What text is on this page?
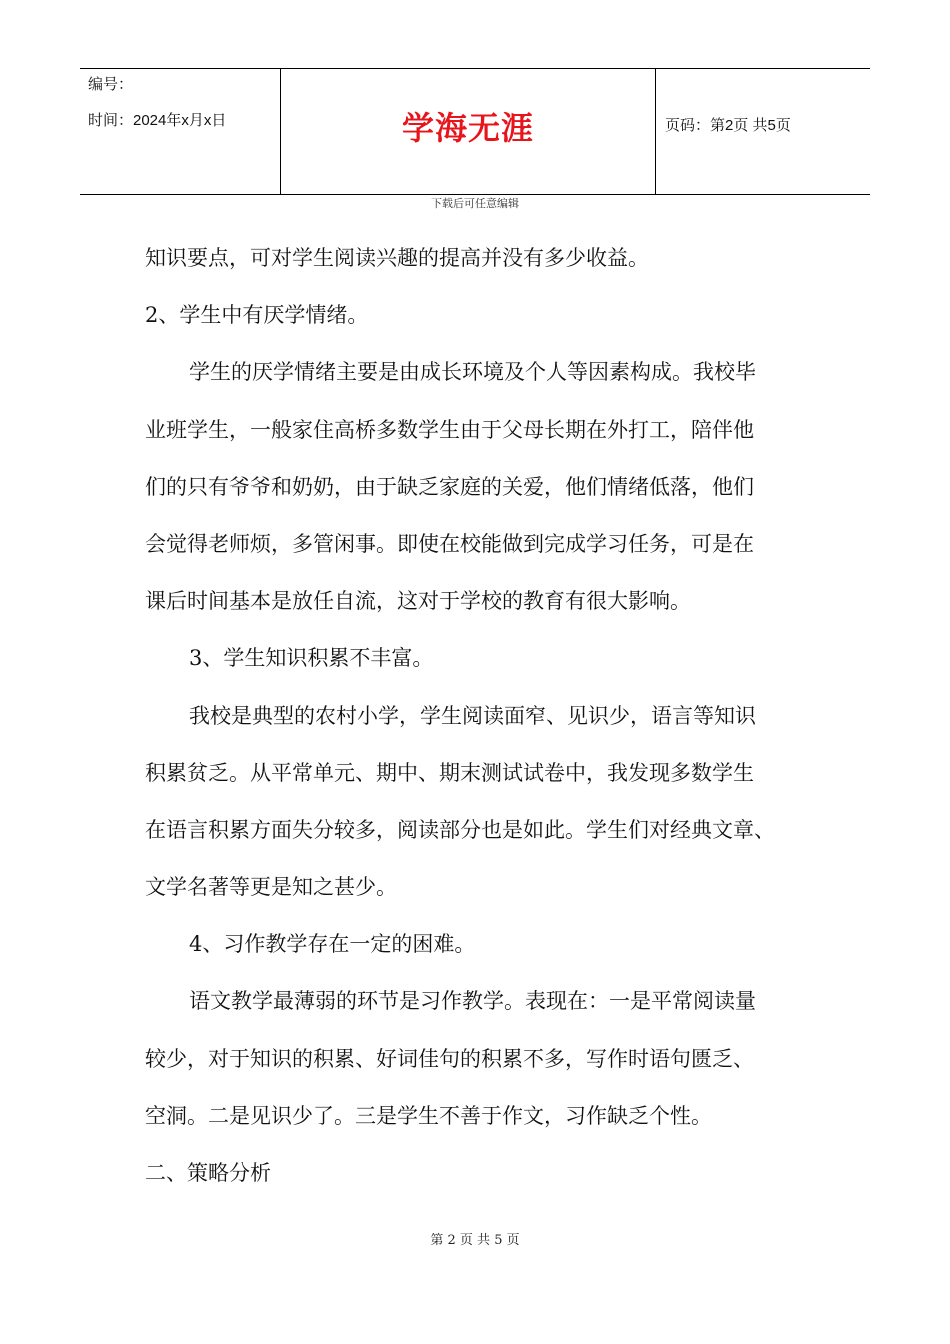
编号：
时间：2024年x月x日	学海无涯	页码：第2页 共5页
下载后可任意编辑
知识要点，可对学生阅读兴趣的提高并没有多少收益。
2、学生中有厌学情绪。
学生的厌学情绪主要是由成长环境及个人等因素构成。我校毕
业班学生，一般家住高桥多数学生由于父母长期在外打工，陪伴他
们的只有爷爷和奶奶，由于缺乏家庭的关爱，他们情绪低落，他们
会觉得老师烦，多管闲事。即使在校能做到完成学习任务，可是在
课后时间基本是放任自流，这对于学校的教育有很大影响。
3、学生知识积累不丰富。
我校是典型的农村小学，学生阅读面窄、见识少，语言等知识
积累贫乏。从平常单元、期中、期末测试试卷中，我发现多数学生
在语言积累方面失分较多，阅读部分也是如此。学生们对经典文章、
文学名著等更是知之甚少。
4、习作教学存在一定的困难。
语文教学最薄弱的环节是习作教学。表现在：一是平常阅读量
较少，对于知识的积累、好词佳句的积累不多，写作时语句匮乏、
空洞。二是见识少了。三是学生不善于作文，习作缺乏个性。
二、策略分析
第 2 页 共 5 页
